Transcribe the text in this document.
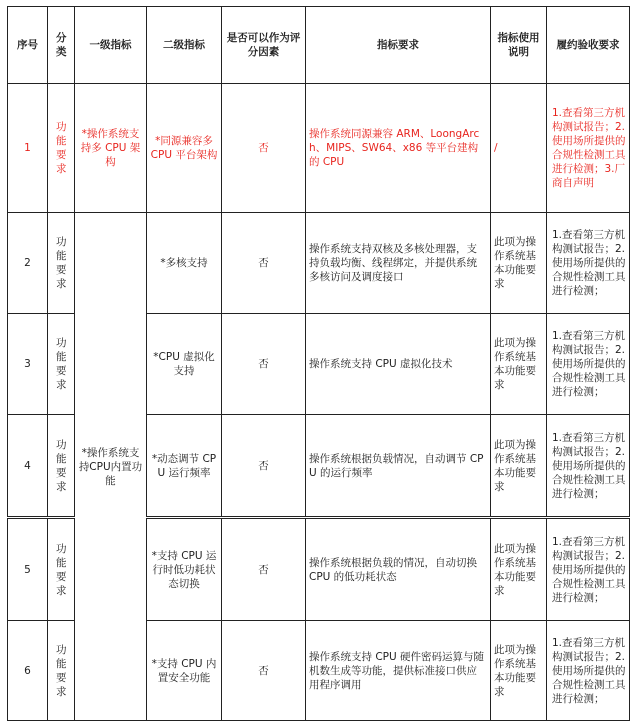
序号	分类	一级指标	二级指标	是否可以作为评分因素	指标要求	指标使用说明	履约验收要求
1	功能要求	*操作系统支持多 CPU 架构	*同源兼容多 CPU 平台架构	否	操作系统同源兼容 ARM、LoongArch、MIPS、SW64、x86 等平台建构的 CPU	/	1.查看第三方机构测试报告；2.使用场所提供的合规性检测工具进行检测；3.厂商自声明
2	功能要求	*操作系统支持CPU内置功能	*多核支持	否	操作系统支持双核及多核处理器，支持负载均衡、线程绑定，并提供系统多核访问及调度接口	此项为操作系统基本功能要求	1.查看第三方机构测试报告；2.使用场所提供的合规性检测工具进行检测；
3	功能要求		*CPU 虚拟化支持	否	操作系统支持 CPU 虚拟化技术	此项为操作系统基本功能要求	1.查看第三方机构测试报告；2.使用场所提供的合规性检测工具进行检测；
4	功能要求		*动态调节 CPU 运行频率	否	操作系统根据负载情况，自动调节 CPU 的运行频率	此项为操作系统基本功能要求	1.查看第三方机构测试报告；2.使用场所提供的合规性检测工具进行检测；
5	功能要求		*支持 CPU 运行时低功耗状态切换	否	操作系统根据负载的情况，自动切换 CPU 的低功耗状态	此项为操作系统基本功能要求	1.查看第三方机构测试报告；2.使用场所提供的合规性检测工具进行检测；
6	功能要求		*支持 CPU 内置安全功能	否	操作系统支持 CPU 硬件密码运算与随机数生成等功能，提供标准接口供应用程序调用	此项为操作系统基本功能要求	1.查看第三方机构测试报告；2.使用场所提供的合规性检测工具进行检测；
